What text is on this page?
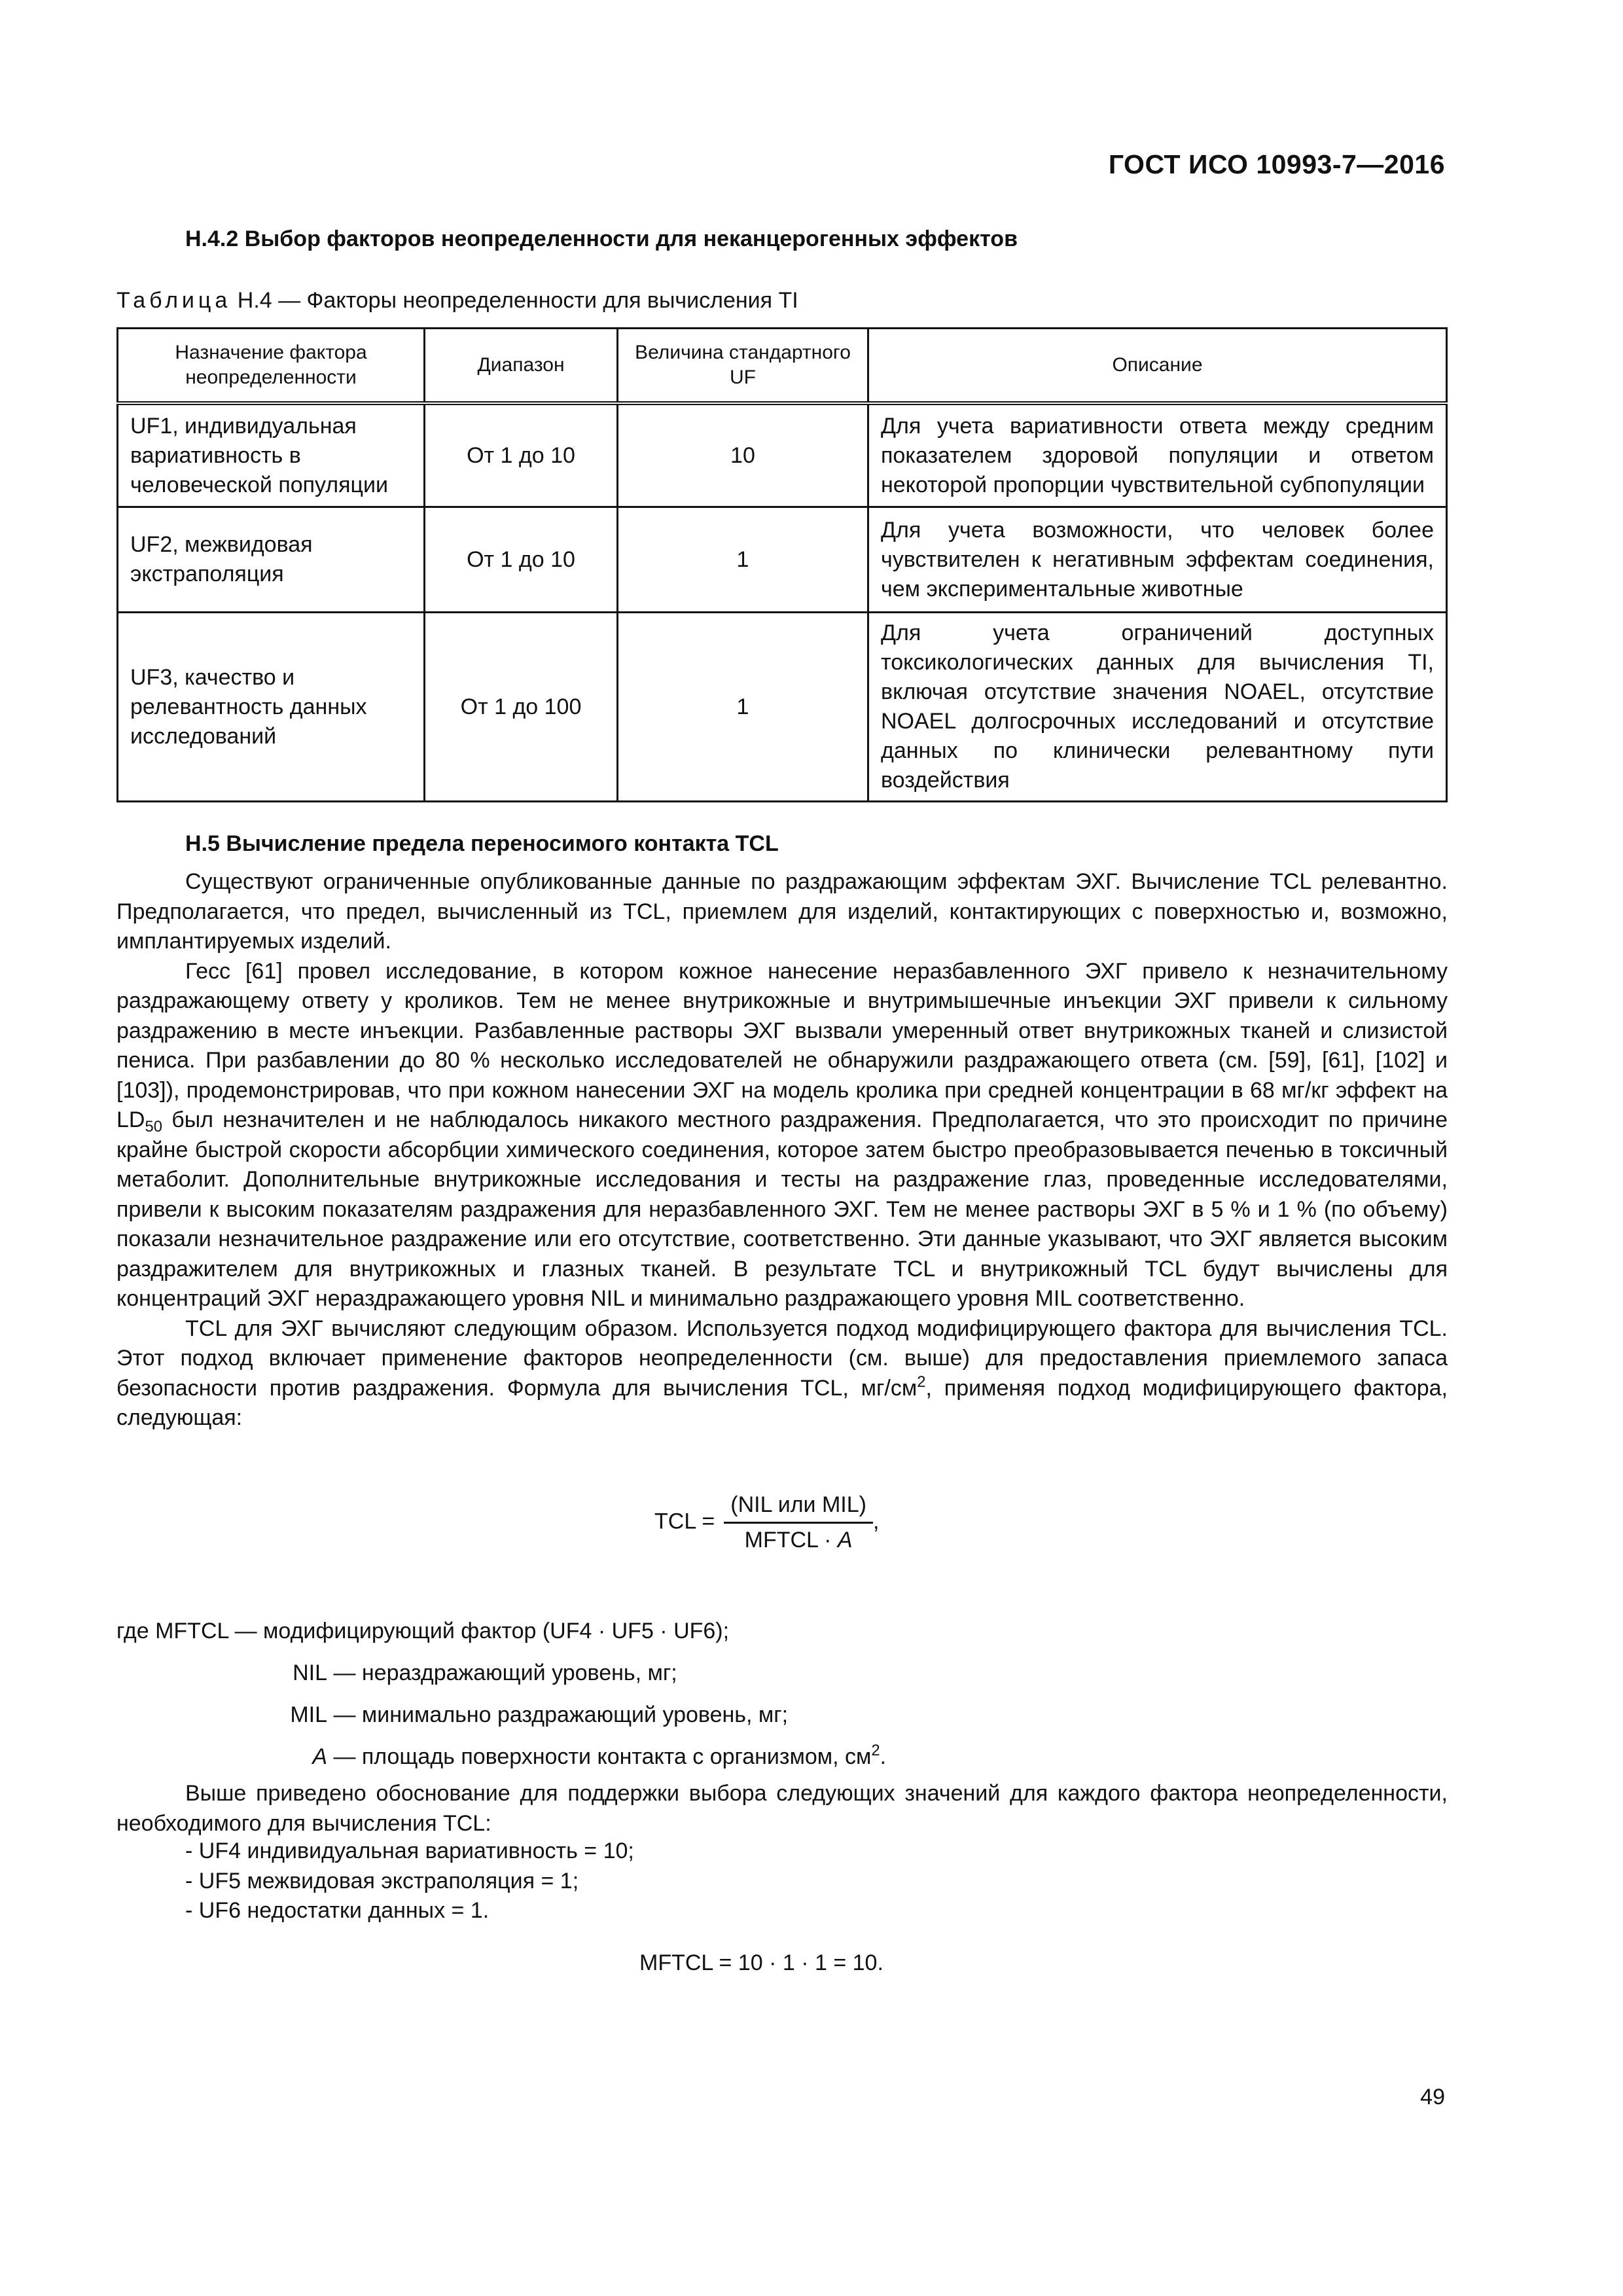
ГОСТ ИСО 10993-7—2016
H.4.2 Выбор факторов неопределенности для неканцерогенных эффектов
Таблица H.4 — Факторы неопределенности для вычисления TI
Назначение фактора неопределенности	Диапазон	Величина стандартного UF	Описание
UF1, индивидуальная вариативность в человеческой популяции	От 1 до 10	10	Для учета вариативности ответа между средним показателем здоровой популяции и ответом некоторой пропорции чувствительной субпопуляции
UF2, межвидовая экстраполяция	От 1 до 10	1	Для учета возможности, что человек более чувствителен к негативным эффектам соединения, чем экспериментальные животные
UF3, качество и релевантность данных исследований	От 1 до 100	1	Для учета ограничений доступных токсикологических данных для вычисления TI, включая отсутствие значения NOAEL, отсутствие NOAEL долгосрочных исследований и отсутствие данных по клинически релевантному пути воздействия
H.5 Вычисление предела переносимого контакта TCL

Существуют ограниченные опубликованные данные по раздражающим эффектам ЭХГ. Вычисление TCL релевантно. Предполагается, что предел, вычисленный из TCL, приемлем для изделий, контактирующих с поверхностью и, возможно, имплантируемых изделий.

Гесс [61] провел исследование, в котором кожное нанесение неразбавленного ЭХГ привело к незначительному раздражающему ответу у кроликов. Тем не менее внутрикожные и внутримышечные инъекции ЭХГ привели к сильному раздражению в месте инъекции. Разбавленные растворы ЭХГ вызвали умеренный ответ внутрикожных тканей и слизистой пениса. При разбавлении до 80 % несколько исследователей не обнаружили раздражающего ответа (см. [59], [61], [102] и [103]), продемонстрировав, что при кожном нанесении ЭХГ на модель кролика при средней концентрации в 68 мг/кг эффект на $LD_{50}$ был незначителен и не наблюдалось никакого местного раздражения. Предполагается, что это происходит по причине крайне быстрой скорости абсорбции химического соединения, которое затем быстро преобразовывается печенью в токсичный метаболит. Дополнительные внутрикожные исследования и тесты на раздражение глаз, проведенные исследователями, привели к высоким показателям раздражения для неразбавленного ЭХГ. Тем не менее растворы ЭХГ в 5 % и 1 % (по объему) показали незначительное раздражение или его отсутствие, соответственно. Эти данные указывают, что ЭХГ является высоким раздражителем для внутрикожных и глазных тканей. В результате TCL и внутрикожный TCL будут вычислены для концентраций ЭХГ нераздражающего уровня NIL и минимально раздражающего уровня MIL соответственно.

TCL для ЭХГ вычисляют следующим образом. Используется подход модифицирующего фактора для вычисления TCL. Этот подход включает применение факторов неопределенности (см. выше) для предоставления приемлемого запаса безопасности против раздражения. Формула для вычисления TCL, $мг/см^2$, применяя подход модифицирующего фактора, следующая:

TCL = $\frac{\text{(NIL или MIL)}}{\text{MFTCL · A}}$ ,
где MFTCL — модифицирующий фактор (UF4 · UF5 · UF6);
NIL — нераздражающий уровень, мг;
MIL — минимально раздражающий уровень, мг;
A — площадь поверхности контакта с организмом, $см^2$.

Выше приведено обоснование для поддержки выбора следующих значений для каждого фактора неопределенности, необходимого для вычисления TCL:

- UF4 индивидуальная вариативность = 10;
- UF5 межвидовая экстраполяция = 1;
- UF6 недостатки данных = 1.
MFTCL = 10 · 1 · 1 = 10.
49
